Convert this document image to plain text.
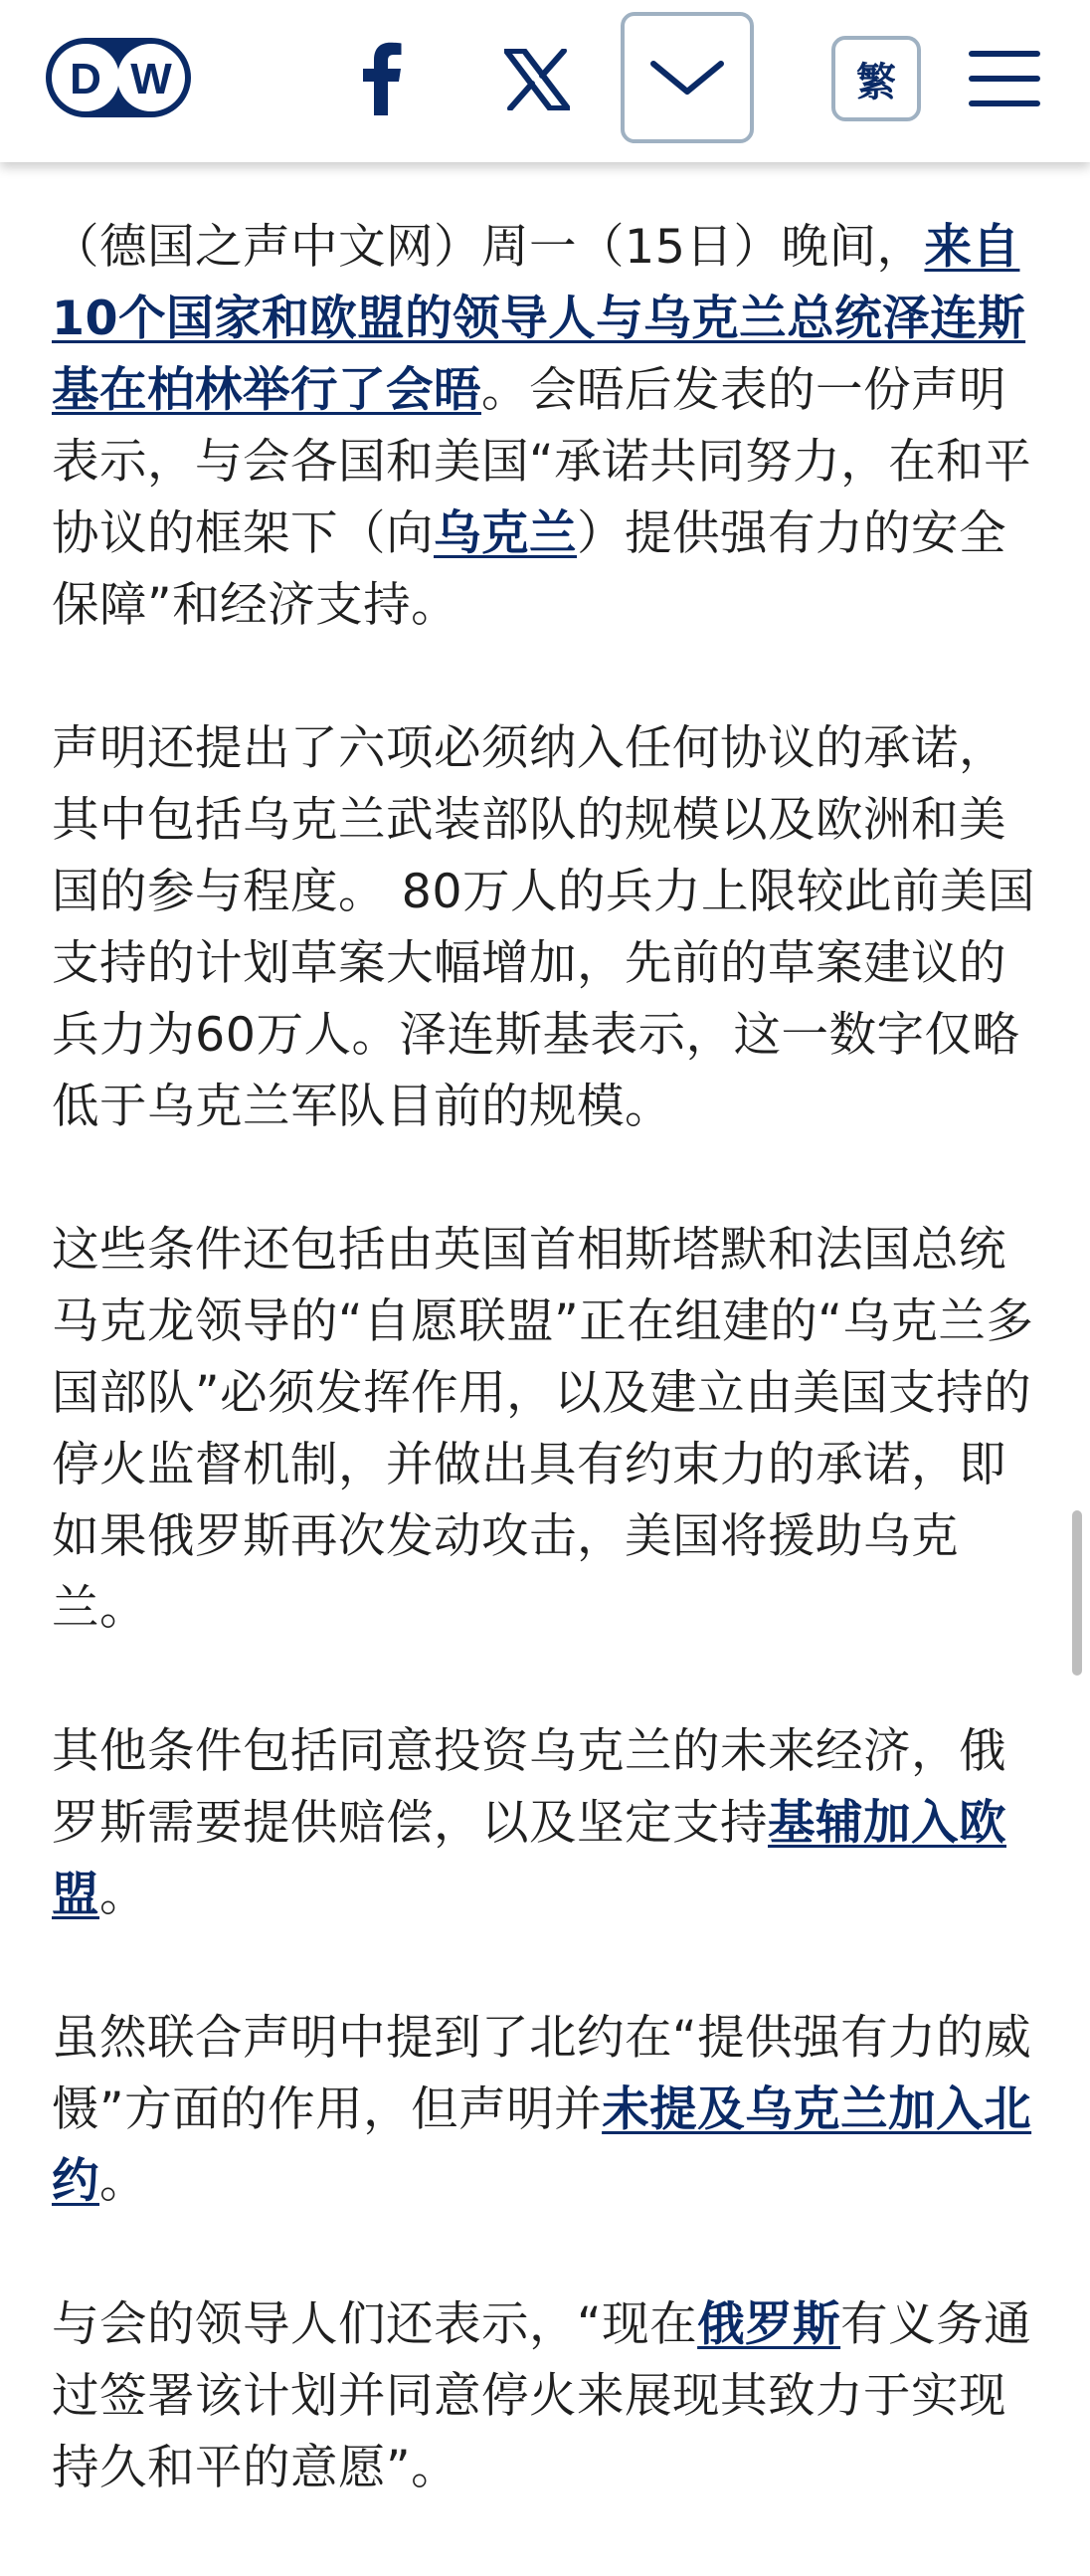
D W	繁

（德国之声中文网）周一（15日）晚间，来自10个国家和欧盟的领导人与乌克兰总统泽连斯基在柏林举行了会晤。会晤后发表的一份声明表示，与会各国和美国“承诺共同努力，在和平协议的框架下（向乌克兰）提供强有力的安全保障”和经济支持。

声明还提出了六项必须纳入任何协议的承诺，其中包括乌克兰武装部队的规模以及欧洲和美国的参与程度。 80万人的兵力上限较此前美国支持的计划草案大幅增加，先前的草案建议的兵力为60万人。泽连斯基表示，这一数字仅略低于乌克兰军队目前的规模。

这些条件还包括由英国首相斯塔默和法国总统马克龙领导的“自愿联盟”正在组建的“乌克兰多国部队”必须发挥作用，以及建立由美国支持的停火监督机制，并做出具有约束力的承诺，即如果俄罗斯再次发动攻击，美国将援助乌克兰。

其他条件包括同意投资乌克兰的未来经济，俄罗斯需要提供赔偿，以及坚定支持基辅加入欧盟。

虽然联合声明中提到了北约在“提供强有力的威慑”方面的作用，但声明并未提及乌克兰加入北约。

与会的领导人们还表示，“现在俄罗斯有义务通过签署该计划并同意停火来展现其致力于实现持久和平的意愿”。
